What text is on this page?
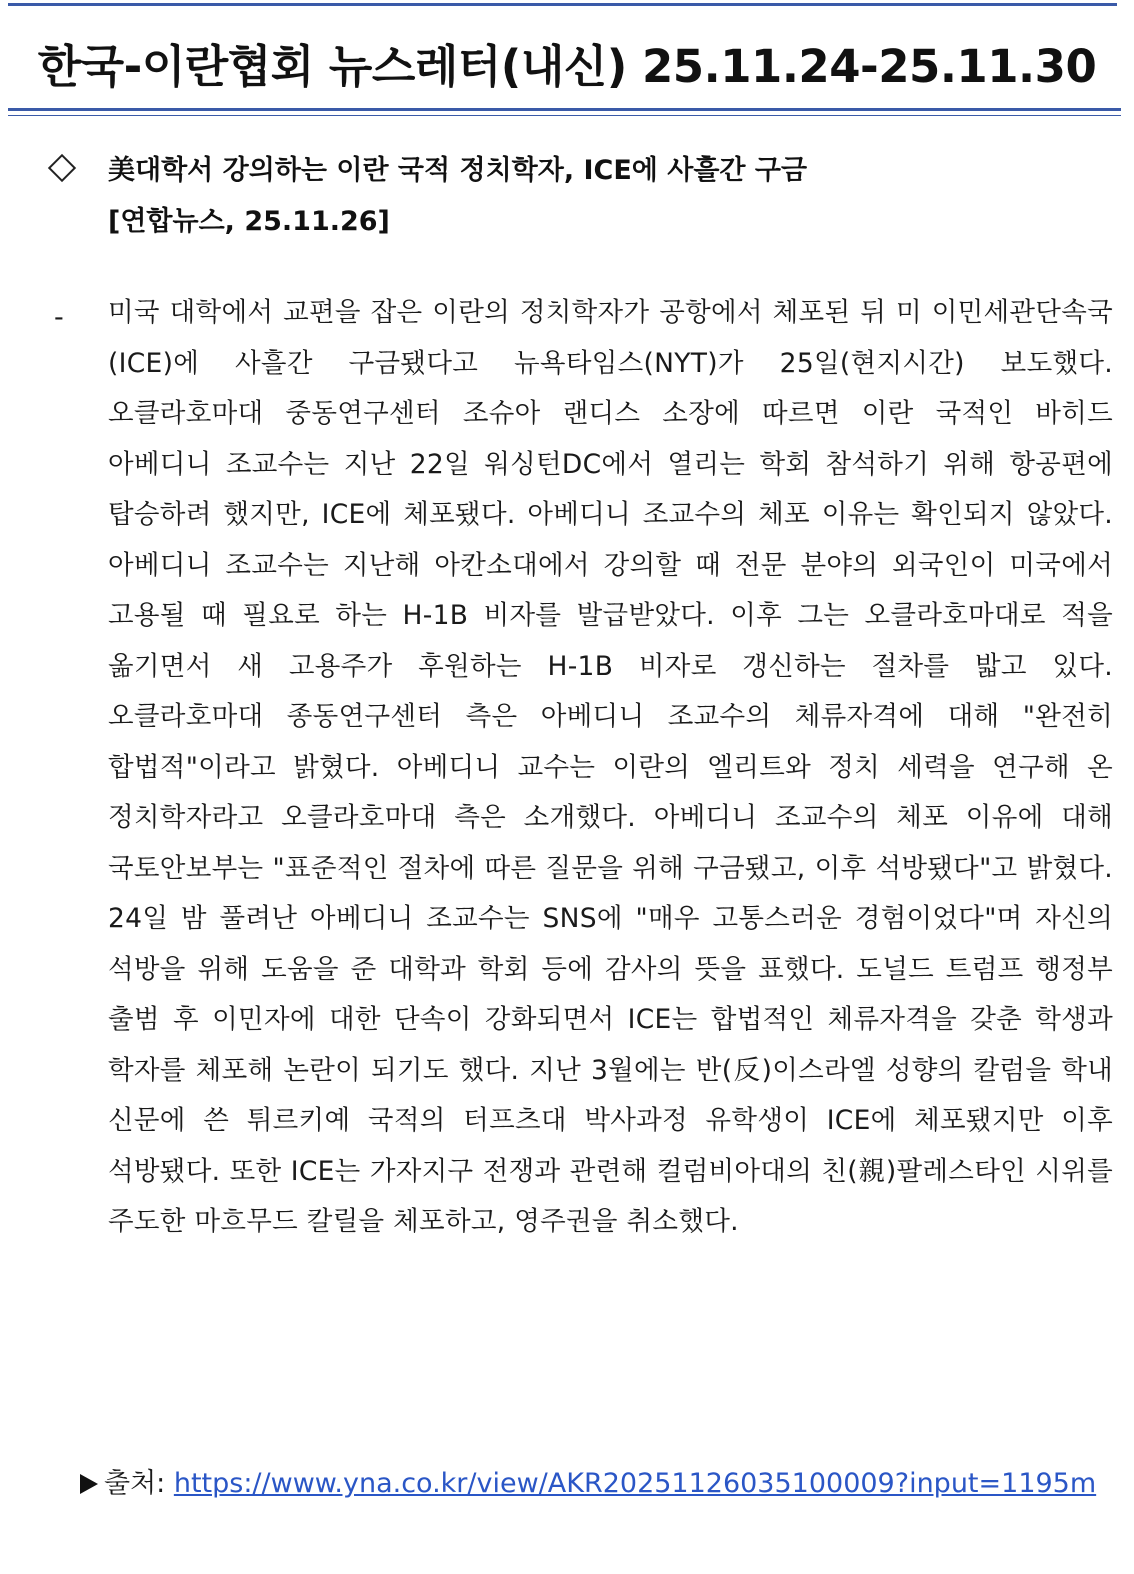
한국-이란협회 뉴스레터(내신) 25.11.24-25.11.30
美대학서 강의하는 이란 국적 정치학자, ICE에 사흘간 구금
[연합뉴스, 25.11.26]
- 미국 대학에서 교편을 잡은 이란의 정치학자가 공항에서 체포된 뒤 미 이민세관단속국(ICE)에 사흘간 구금됐다고 뉴욕타임스(NYT)가 25일(현지시간) 보도했다. 오클라호마대 중동연구센터 조슈아 랜디스 소장에 따르면 이란 국적인 바히드 아베디니 조교수는 지난 22일 워싱턴DC에서 열리는 학회 참석하기 위해 항공편에 탑승하려 했지만, ICE에 체포됐다. 아베디니 조교수의 체포 이유는 확인되지 않았다. 아베디니 조교수는 지난해 아칸소대에서 강의할 때 전문 분야의 외국인이 미국에서 고용될 때 필요로 하는 H-1B 비자를 발급받았다. 이후 그는 오클라호마대로 적을 옮기면서 새 고용주가 후원하는 H-1B 비자로 갱신하는 절차를 밟고 있다. 오클라호마대 종동연구센터 측은 아베디니 조교수의 체류자격에 대해 "완전히 합법적"이라고 밝혔다. 아베디니 교수는 이란의 엘리트와 정치 세력을 연구해 온 정치학자라고 오클라호마대 측은 소개했다. 아베디니 조교수의 체포 이유에 대해 국토안보부는 "표준적인 절차에 따른 질문을 위해 구금됐고, 이후 석방됐다"고 밝혔다. 24일 밤 풀려난 아베디니 조교수는 SNS에 "매우 고통스러운 경험이었다"며 자신의 석방을 위해 도움을 준 대학과 학회 등에 감사의 뜻을 표했다. 도널드 트럼프 행정부 출범 후 이민자에 대한 단속이 강화되면서 ICE는 합법적인 체류자격을 갖춘 학생과 학자를 체포해 논란이 되기도 했다. 지난 3월에는 반(反)이스라엘 성향의 칼럼을 학내 신문에 쓴 튀르키예 국적의 터프츠대 박사과정 유학생이 ICE에 체포됐지만 이후 석방됐다. 또한 ICE는 가자지구 전쟁과 관련해 컬럼비아대의 친(親)팔레스타인 시위를 주도한 마흐무드 칼릴을 체포하고, 영주권을 취소했다.
출처: https://www.yna.co.kr/view/AKR20251126035100009?input=1195m
